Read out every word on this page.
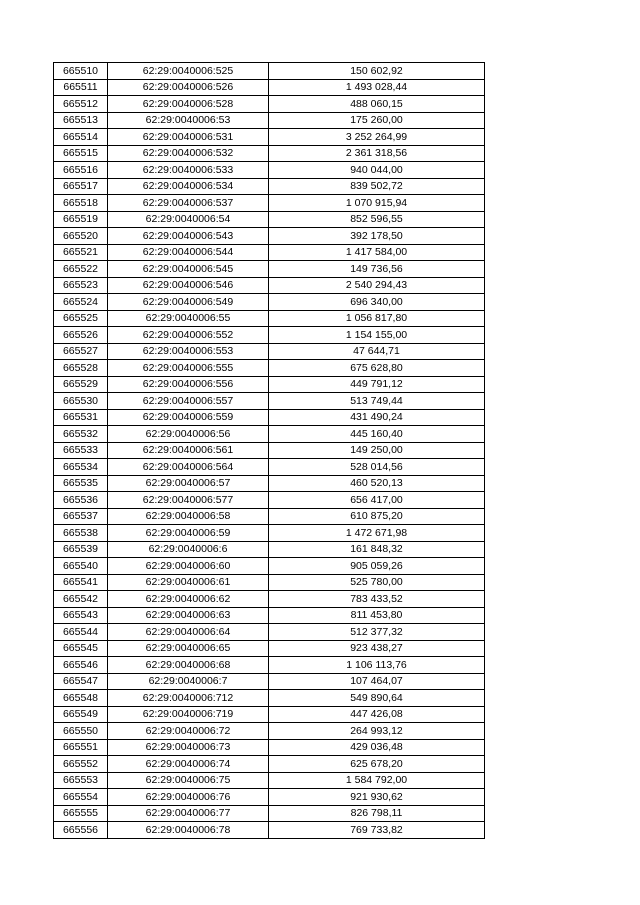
665510	62:29:0040006:525	150 602,92
665511	62:29:0040006:526	1 493 028,44
665512	62:29:0040006:528	488 060,15
665513	62:29:0040006:53	175 260,00
665514	62:29:0040006:531	3 252 264,99
665515	62:29:0040006:532	2 361 318,56
665516	62:29:0040006:533	940 044,00
665517	62:29:0040006:534	839 502,72
665518	62:29:0040006:537	1 070 915,94
665519	62:29:0040006:54	852 596,55
665520	62:29:0040006:543	392 178,50
665521	62:29:0040006:544	1 417 584,00
665522	62:29:0040006:545	149 736,56
665523	62:29:0040006:546	2 540 294,43
665524	62:29:0040006:549	696 340,00
665525	62:29:0040006:55	1 056 817,80
665526	62:29:0040006:552	1 154 155,00
665527	62:29:0040006:553	47 644,71
665528	62:29:0040006:555	675 628,80
665529	62:29:0040006:556	449 791,12
665530	62:29:0040006:557	513 749,44
665531	62:29:0040006:559	431 490,24
665532	62:29:0040006:56	445 160,40
665533	62:29:0040006:561	149 250,00
665534	62:29:0040006:564	528 014,56
665535	62:29:0040006:57	460 520,13
665536	62:29:0040006:577	656 417,00
665537	62:29:0040006:58	610 875,20
665538	62:29:0040006:59	1 472 671,98
665539	62:29:0040006:6	161 848,32
665540	62:29:0040006:60	905 059,26
665541	62:29:0040006:61	525 780,00
665542	62:29:0040006:62	783 433,52
665543	62:29:0040006:63	811 453,80
665544	62:29:0040006:64	512 377,32
665545	62:29:0040006:65	923 438,27
665546	62:29:0040006:68	1 106 113,76
665547	62:29:0040006:7	107 464,07
665548	62:29:0040006:712	549 890,64
665549	62:29:0040006:719	447 426,08
665550	62:29:0040006:72	264 993,12
665551	62:29:0040006:73	429 036,48
665552	62:29:0040006:74	625 678,20
665553	62:29:0040006:75	1 584 792,00
665554	62:29:0040006:76	921 930,62
665555	62:29:0040006:77	826 798,11
665556	62:29:0040006:78	769 733,82
